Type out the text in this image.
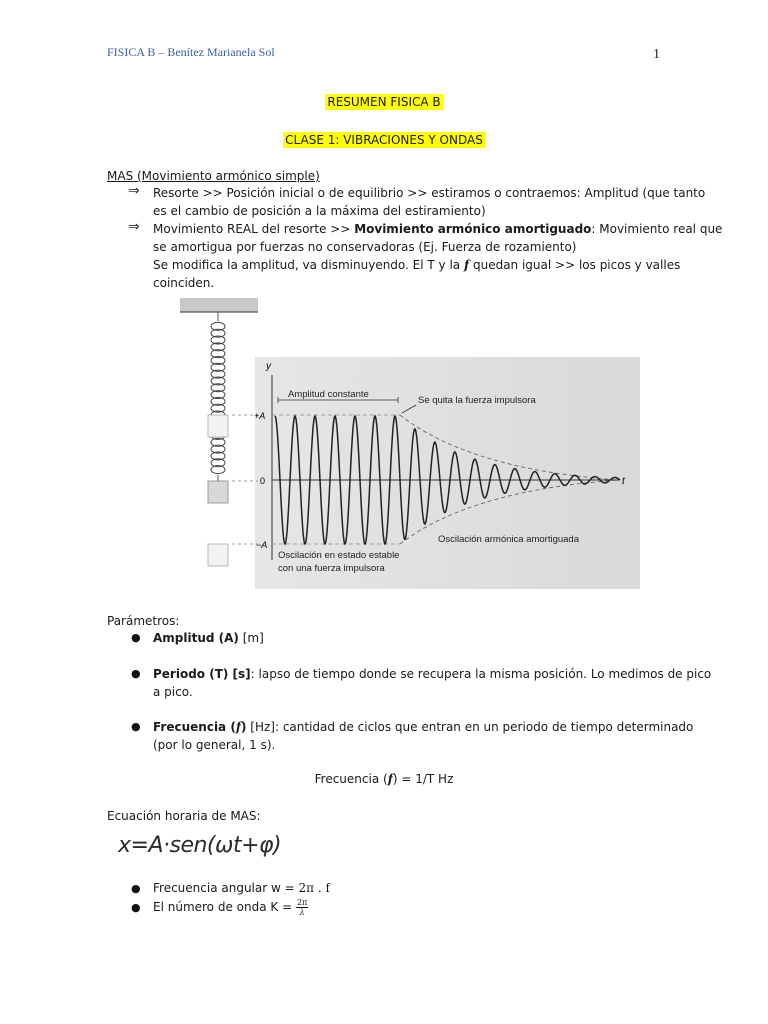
FISICA B – Benítez Marianela Sol	1
RESUMEN FISICA B
CLASE 1: VIBRACIONES Y ONDAS
MAS (Movimiento armónico simple)
⇒ Resorte >> Posición inicial o de equilibrio >> estiramos o contraemos: Amplitud (que tanto
es el cambio de posición a la máxima del estiramiento)
⇒ Movimiento REAL del resorte >> Movimiento armónico amortiguado: Movimiento real que
se amortigua por fuerzas no conservadoras (Ej. Fuerza de rozamiento)
Se modifica la amplitud, va disminuyendo. El T y la f quedan igual >> los picos y valles
coinciden.
y
t
+A
0
−A
Amplitud constante
Se quita la fuerza impulsora
Oscilación en estado estable
con una fuerza impulsora
Oscilación armónica amortiguada
Parámetros:
● Amplitud (A) [m]
● Periodo (T) [s]: lapso de tiempo donde se recupera la misma posición. Lo medimos de pico
a pico.
● Frecuencia (f) [Hz]: cantidad de ciclos que entran en un periodo de tiempo determinado
(por lo general, 1 s).
Frecuencia (f) = 1/T Hz
Ecuación horaria de MAS:
x=A·sen(ωt+φ)
● Frecuencia angular w = 2π . f
● El número de onda $K = \frac{2\pi}{\lambda}$
